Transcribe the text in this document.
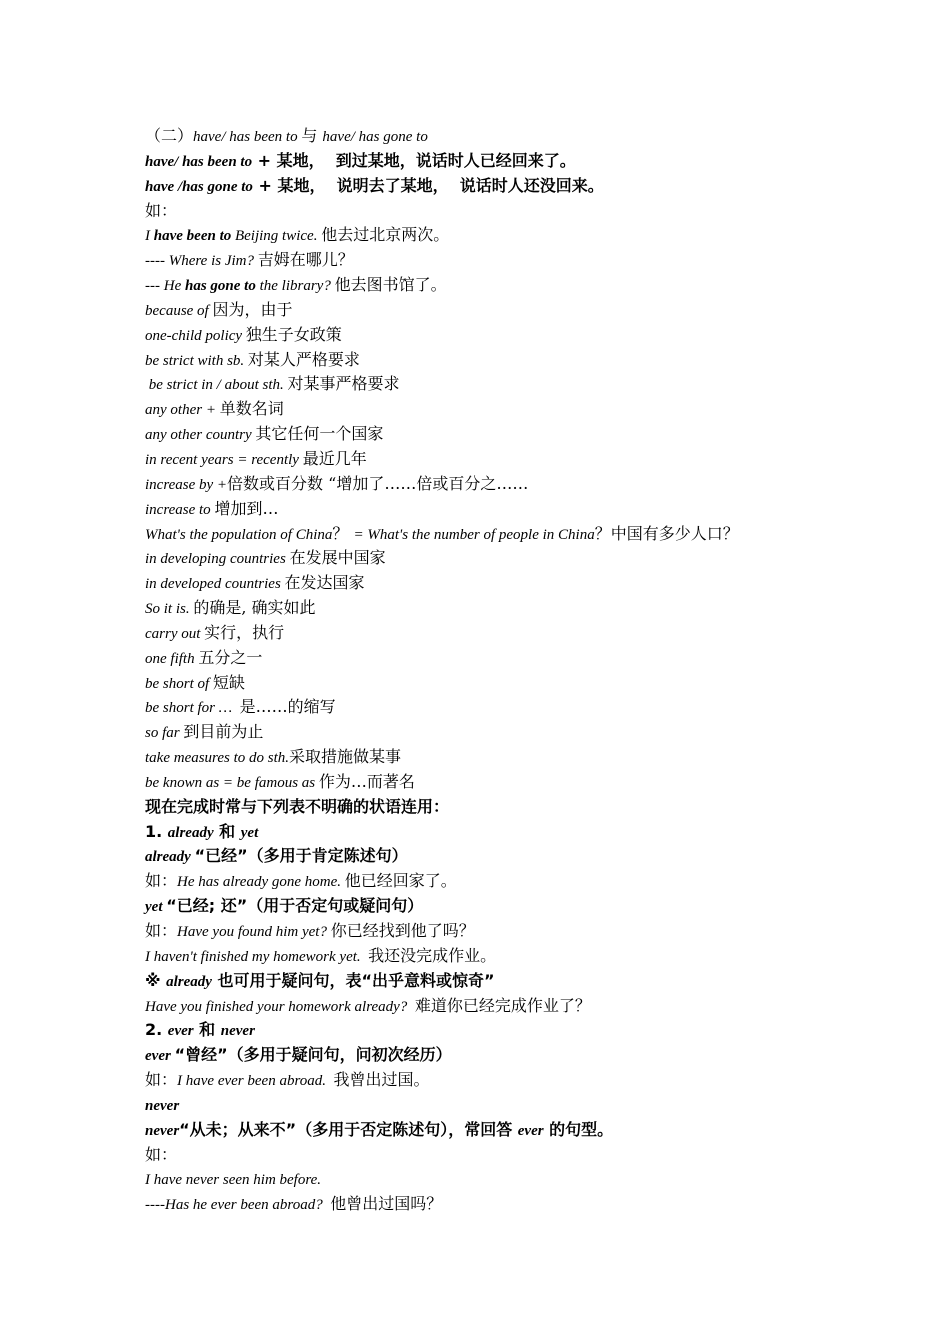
（二）have/ has been to 与 have/ has gone to
have/ has been to + 某地，  到过某地，说话时人已经回来了。
have /has gone to + 某地，  说明去了某地，  说话时人还没回来。
如：
I have been to Beijing twice. 他去过北京两次。
---- Where is Jim? 吉姆在哪儿？
--- He has gone to the library? 他去图书馆了。
because of 因为，由于
one-child policy 独生子女政策
be strict with sb. 对某人严格要求
be strict in / about sth. 对某事严格要求
any other + 单数名词
any other country 其它任何一个国家
in recent years = recently 最近几年
increase by +倍数或百分数 “增加了……倍或百分之……
increase to 增加到…
What's the population of China？ = What's the number of people in China？中国有多少人口？
in developing countries 在发展中国家
in developed countries 在发达国家
So it is. 的确是, 确实如此
carry out 实行，执行
one fifth 五分之一
be short of 短缺
be short for …  是……的缩写
so far 到目前为止
take measures to do sth.采取措施做某事
be known as = be famous as 作为…而著名
现在完成时常与下列表不明确的状语连用：
1. already 和 yet
already “已经”（多用于肯定陈述句）
如：He has already gone home. 他已经回家了。
yet “已经; 还”（用于否定句或疑问句）
如：Have you found him yet? 你已经找到他了吗？
I haven't finished my homework yet.  我还没完成作业。
※ already 也可用于疑问句，表“出乎意料或惊奇”
Have you finished your homework already?  难道你已经完成作业了？
2. ever 和 never
ever “曾经”（多用于疑问句，问初次经历）
如：I have ever been abroad.  我曾出过国。
never
never“从未；从来不”（多用于否定陈述句），常回答 ever 的句型。
如：
I have never seen him before.
----Has he ever been abroad?  他曾出过国吗？
